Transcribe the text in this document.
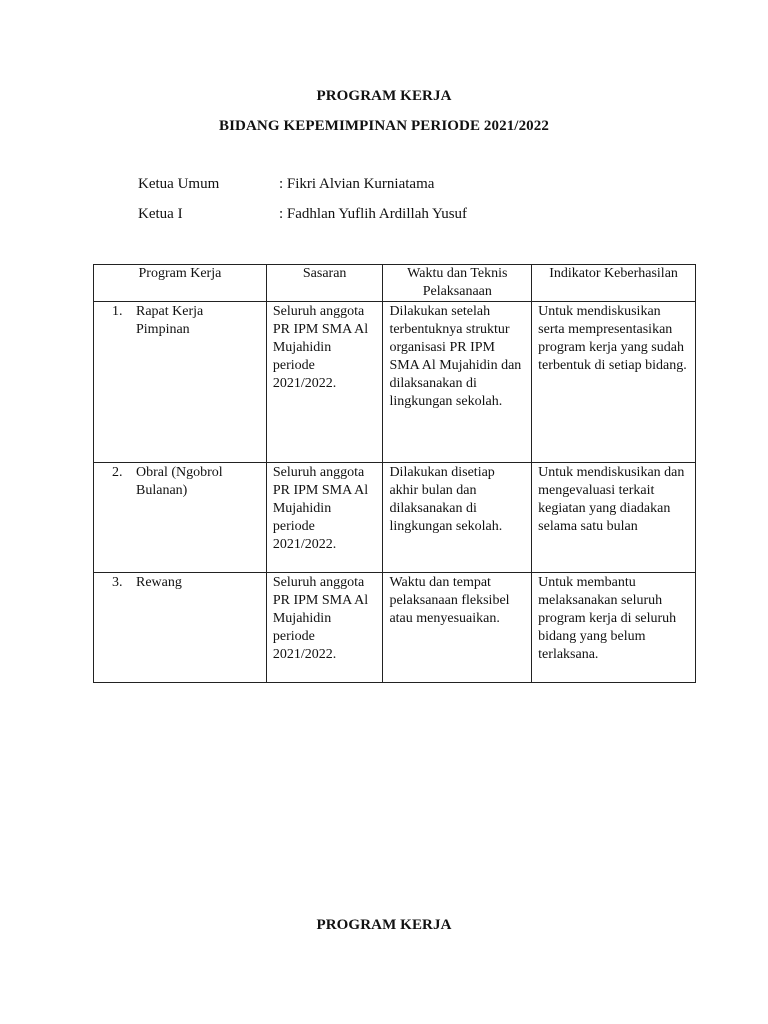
PROGRAM KERJA
BIDANG KEPEMIMPINAN PERIODE 2021/2022
Ketua Umum	: Fikri Alvian Kurniatama
Ketua I	: Fadhlan Yuflih Ardillah Yusuf
Program Kerja	Sasaran	Waktu dan Teknis Pelaksanaan	Indikator Keberhasilan

1. Rapat Kerja Pimpinan	Seluruh anggota PR IPM SMA Al Mujahidin periode 2021/2022.	Dilakukan setelah terbentuknya struktur organisasi PR IPM SMA Al Mujahidin dan dilaksanakan di lingkungan sekolah.	Untuk mendiskusikan serta mempresentasikan program kerja yang sudah terbentuk di setiap bidang.

2. Obral (Ngobrol Bulanan)	Seluruh anggota PR IPM SMA Al Mujahidin periode 2021/2022.	Dilakukan disetiap akhir bulan dan dilaksanakan di lingkungan sekolah.	Untuk mendiskusikan dan mengevaluasi terkait kegiatan yang diadakan selama satu bulan

3. Rewang	Seluruh anggota PR IPM SMA Al Mujahidin periode 2021/2022.	Waktu dan tempat pelaksanaan fleksibel atau menyesuaikan.	Untuk membantu melaksanakan seluruh program kerja di seluruh bidang yang belum terlaksana.
PROGRAM KERJA
